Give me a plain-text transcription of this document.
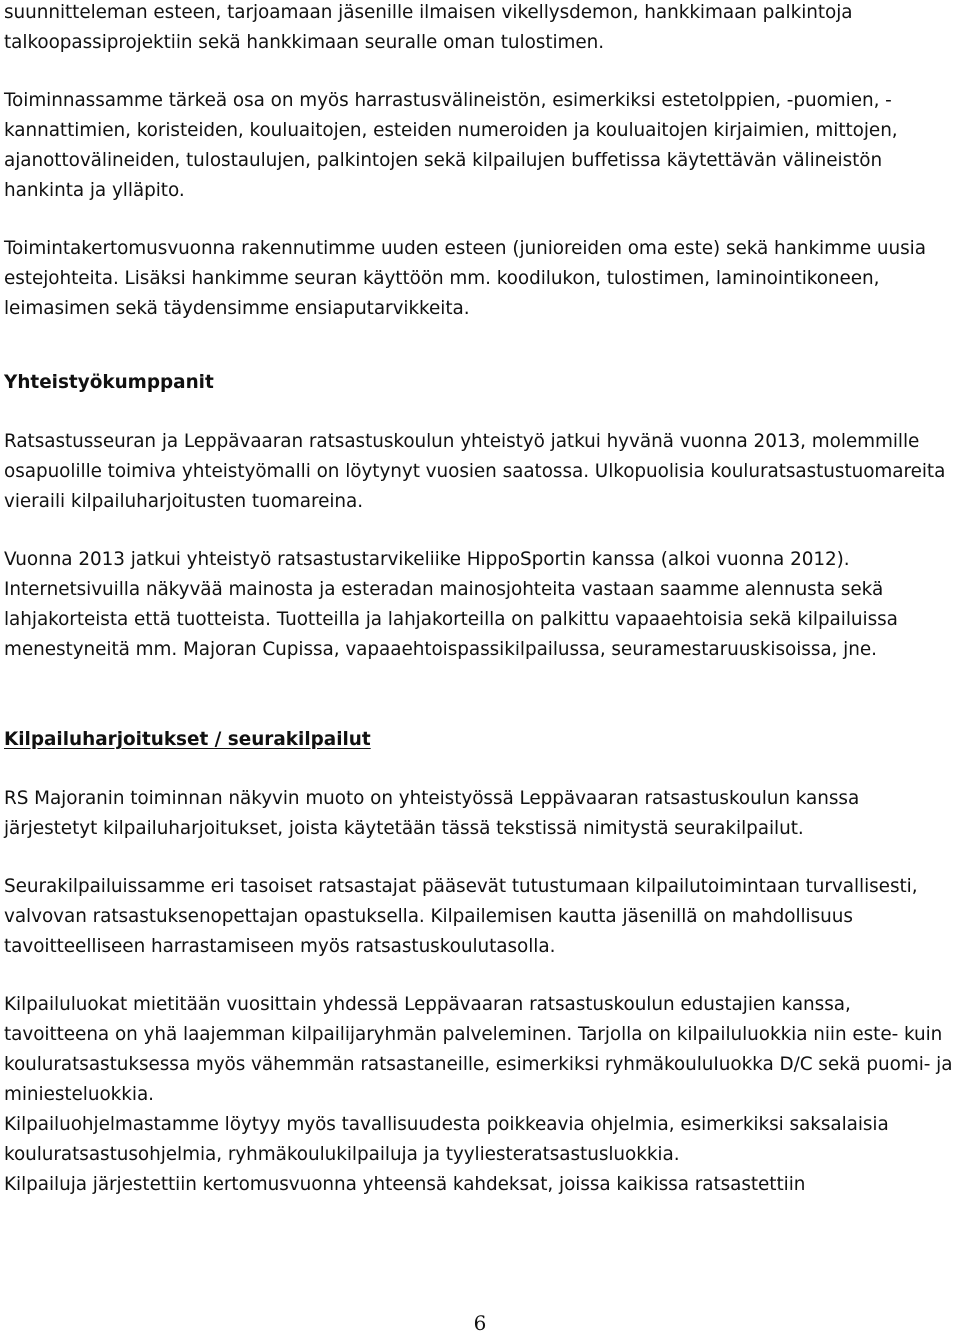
suunnitteleman esteen, tarjoamaan jäsenille ilmaisen vikellysdemon, hankkimaan palkintoja talkoopassiprojektiin sekä hankkimaan seuralle oman tulostimen.

Toiminnassamme tärkeä osa on myös harrastusvälineistön, esimerkiksi estetolppien, -puomien, -kannattimien, koristeiden, kouluaitojen, esteiden numeroiden ja kouluaitojen kirjaimien, mittojen, ajanottovälineiden, tulostaulujen, palkintojen sekä kilpailujen buffetissa käytettävän välineistön hankinta ja ylläpito.

Toimintakertomusvuonna rakennutimme uuden esteen (junioreiden oma este) sekä hankimme uusia estejohteita. Lisäksi hankimme seuran käyttöön mm. koodilukon, tulostimen, laminointikoneen, leimasimen sekä täydensimme ensiaputarvikkeita.

Yhteistyökumppanit

Ratsastusseuran ja Leppävaaran ratsastuskoulun yhteistyö jatkui hyvänä vuonna 2013, molemmille osapuolille toimiva yhteistyömalli on löytynyt vuosien saatossa. Ulkopuolisia kouluratsastustuomareita vieraili kilpailuharjoitusten tuomareina.

Vuonna 2013 jatkui yhteistyö ratsastustarvikeliike HippoSportin kanssa (alkoi vuonna 2012). Internetsivuilla näkyvää mainosta ja esteradan mainosjohteita vastaan saamme alennusta sekä lahjakorteista että tuotteista. Tuotteilla ja lahjakorteilla on palkittu vapaaehtoisia sekä kilpailuissa menestyneitä mm. Majoran Cupissa, vapaaehtoispassikilpailussa, seuramestaruuskisoissa, jne.

Kilpailuharjoitukset / seurakilpailut

RS Majoranin toiminnan näkyvin muoto on yhteistyössä Leppävaaran ratsastuskoulun kanssa järjestetyt kilpailuharjoitukset, joista käytetään tässä tekstissä nimitystä seurakilpailut.

Seurakilpailuissamme eri tasoiset ratsastajat pääsevät tutustumaan kilpailutoimintaan turvallisesti, valvovan ratsastuksenopettajan opastuksella. Kilpailemisen kautta jäsenillä on mahdollisuus tavoitteelliseen harrastamiseen myös ratsastuskoulutasolla.

Kilpailuluokat mietitään vuosittain yhdessä Leppävaaran ratsastuskoulun edustajien kanssa, tavoitteena on yhä laajemman kilpailijaryhmän palveleminen. Tarjolla on kilpailuluokkia niin este- kuin kouluratsastuksessa myös vähemmän ratsastaneille, esimerkiksi ryhmäkouluIuokka D/C sekä puomi- ja miniesteluokkia.

Kilpailuohjelmastamme löytyy myös tavallisuudesta poikkeavia ohjelmia, esimerkiksi saksalaisia kouluratsastusohjelmia, ryhmäkoulukilpailuja ja tyyliesteratsastusluokkia.

Kilpailuja järjestettiin kertomusvuonna yhteensä kahdeksat, joissa kaikissa ratsastettiin

6
